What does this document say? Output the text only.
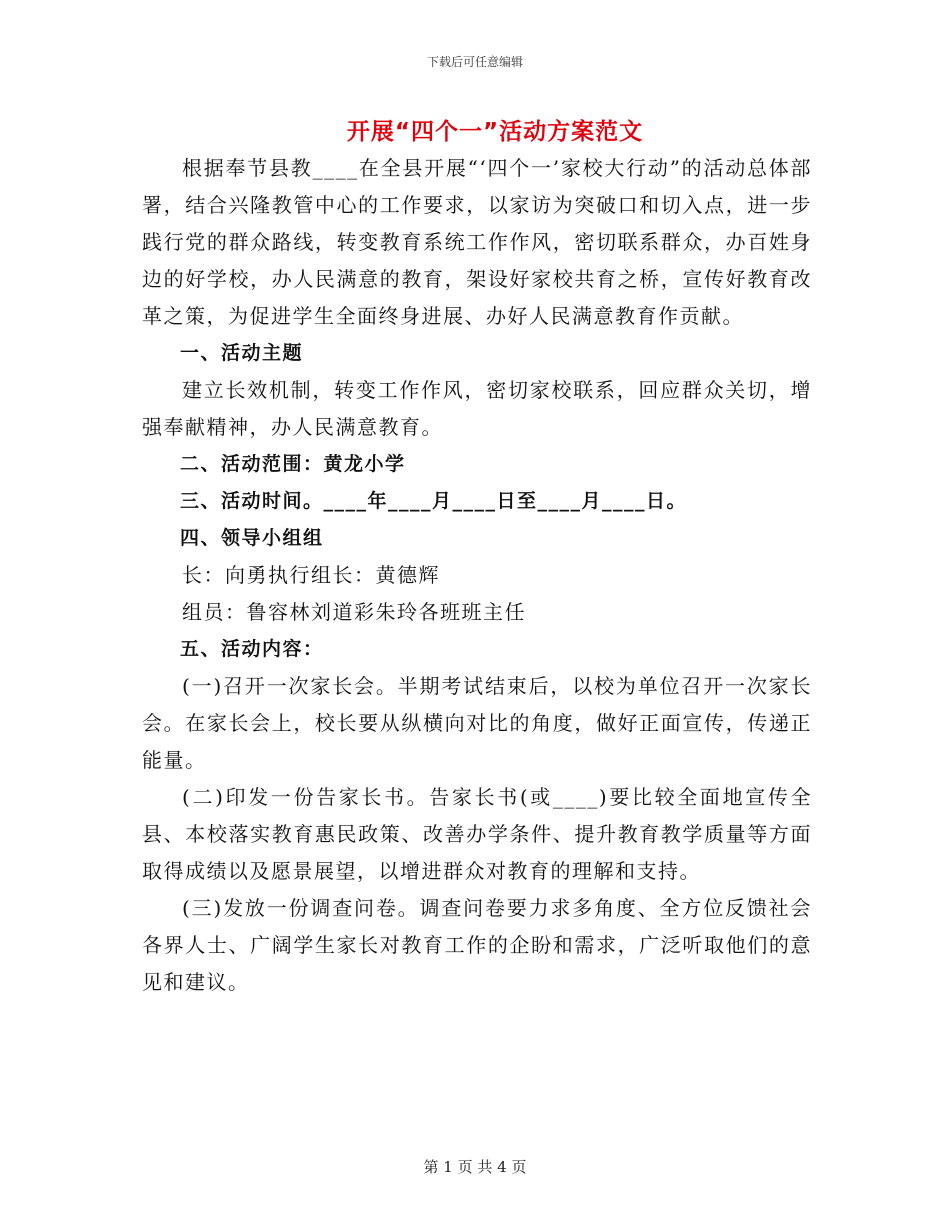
下载后可任意编辑
开展“四个一”活动方案范文

根据奉节县教____在全县开展“‘四个一’家校大行动”的活动总体部署，结合兴隆教管中心的工作要求，以家访为突破口和切入点，进一步践行党的群众路线，转变教育系统工作作风，密切联系群众，办百姓身边的好学校，办人民满意的教育，架设好家校共育之桥，宣传好教育改革之策，为促进学生全面终身进展、办好人民满意教育作贡献。

一、活动主题

建立长效机制，转变工作作风，密切家校联系，回应群众关切，增强奉献精神，办人民满意教育。

二、活动范围：黄龙小学

三、活动时间。____年____月____日至____月____日。

四、领导小组组

长：向勇执行组长：黄德辉

组员：鲁容林刘道彩朱玲各班班主任

五、活动内容：

(一)召开一次家长会。半期考试结束后，以校为单位召开一次家长会。在家长会上，校长要从纵横向对比的角度，做好正面宣传，传递正能量。

(二)印发一份告家长书。告家长书(或____)要比较全面地宣传全县、本校落实教育惠民政策、改善办学条件、提升教育教学质量等方面取得成绩以及愿景展望，以增进群众对教育的理解和支持。

(三)发放一份调查问卷。调查问卷要力求多角度、全方位反馈社会各界人士、广阔学生家长对教育工作的企盼和需求，广泛听取他们的意见和建议。

第 1 页 共 4 页
